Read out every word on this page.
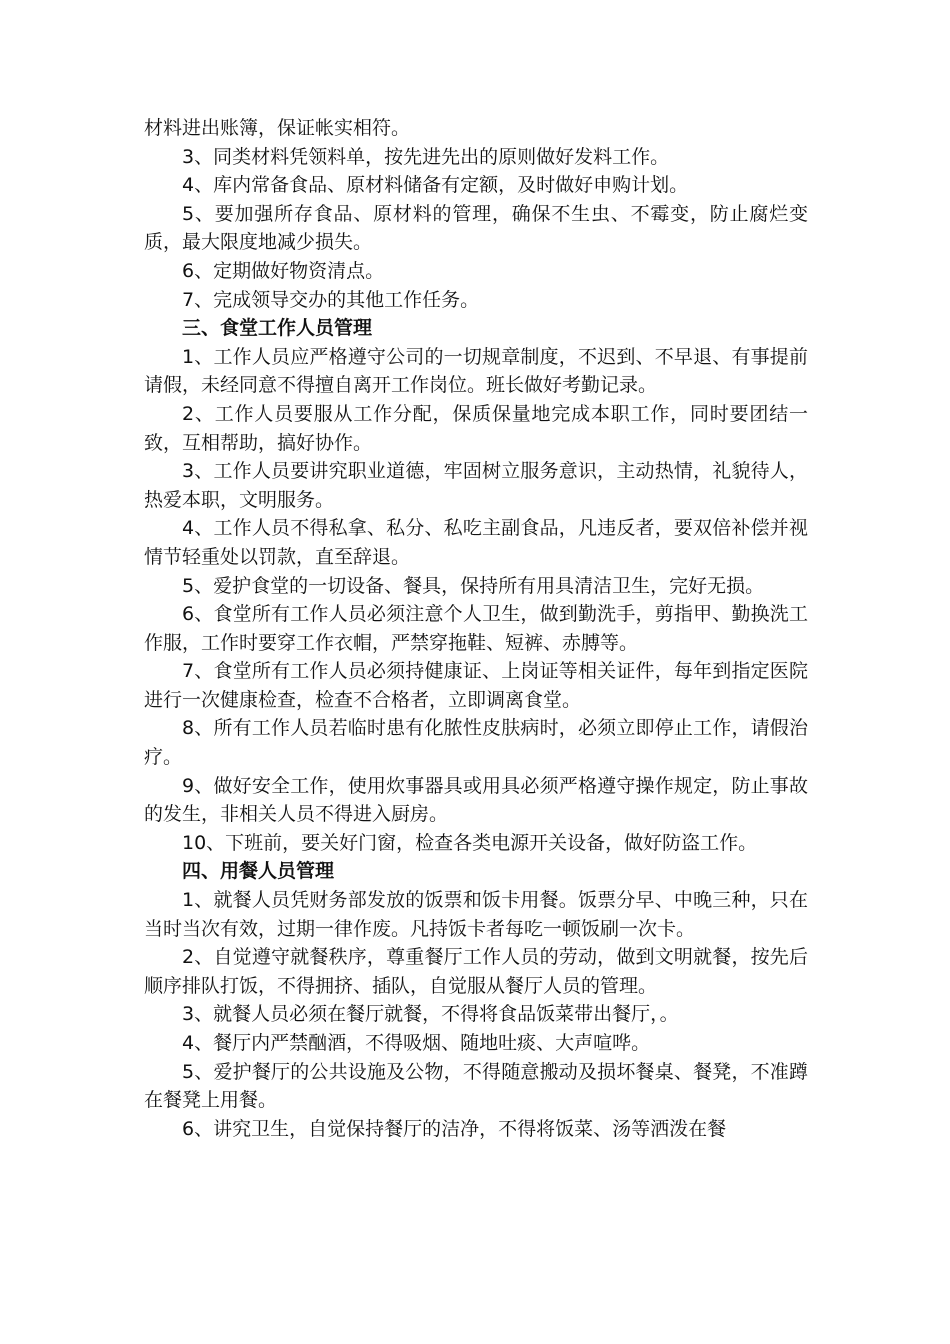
材料进出账簿，保证帐实相符。

3、同类材料凭领料单，按先进先出的原则做好发料工作。

4、库内常备食品、原材料储备有定额，及时做好申购计划。

5、要加强所存食品、原材料的管理，确保不生虫、不霉变，防止腐烂变质，最大限度地减少损失。

6、定期做好物资清点。

7、完成领导交办的其他工作任务。

三、食堂工作人员管理

1、工作人员应严格遵守公司的一切规章制度，不迟到、不早退、有事提前请假，未经同意不得擅自离开工作岗位。班长做好考勤记录。

2、工作人员要服从工作分配，保质保量地完成本职工作，同时要团结一致，互相帮助，搞好协作。

3、工作人员要讲究职业道德，牢固树立服务意识，主动热情，礼貌待人，热爱本职，文明服务。

4、工作人员不得私拿、私分、私吃主副食品，凡违反者，要双倍补偿并视情节轻重处以罚款，直至辞退。

5、爱护食堂的一切设备、餐具，保持所有用具清洁卫生，完好无损。

6、食堂所有工作人员必须注意个人卫生，做到勤洗手，剪指甲、勤换洗工作服，工作时要穿工作衣帽，严禁穿拖鞋、短裤、赤膊等。

7、食堂所有工作人员必须持健康证、上岗证等相关证件，每年到指定医院进行一次健康检查，检查不合格者，立即调离食堂。

8、所有工作人员若临时患有化脓性皮肤病时，必须立即停止工作，请假治疗。

9、做好安全工作，使用炊事器具或用具必须严格遵守操作规定，防止事故的发生，非相关人员不得进入厨房。

10、下班前，要关好门窗，检查各类电源开关设备，做好防盗工作。

四、用餐人员管理

1、就餐人员凭财务部发放的饭票和饭卡用餐。饭票分早、中晚三种，只在当时当次有效，过期一律作废。凡持饭卡者每吃一顿饭刷一次卡。

2、自觉遵守就餐秩序，尊重餐厅工作人员的劳动，做到文明就餐，按先后顺序排队打饭，不得拥挤、插队，自觉服从餐厅人员的管理。

3、就餐人员必须在餐厅就餐，不得将食品饭菜带出餐厅，。

4、餐厅内严禁酗酒，不得吸烟、随地吐痰、大声喧哗。

5、爱护餐厅的公共设施及公物，不得随意搬动及损坏餐桌、餐凳，不准蹲在餐凳上用餐。

6、讲究卫生，自觉保持餐厅的洁净，不得将饭菜、汤等洒泼在餐
